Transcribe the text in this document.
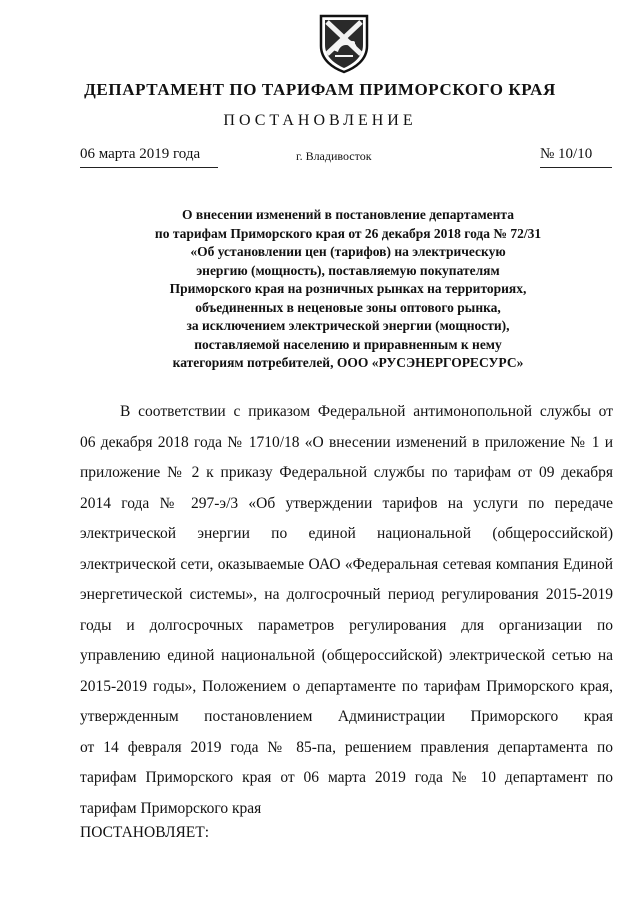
ДЕПАРТАМЕНТ ПО ТАРИФАМ ПРИМОРСКОГО КРАЯ
ПОСТАНОВЛЕНИЕ
06 марта 2019 года	г. Владивосток	№ 10/10
О внесении изменений в постановление департамента
по тарифам Приморского края от 26 декабря 2018 года № 72/31
«Об установлении цен (тарифов) на электрическую
энергию (мощность), поставляемую покупателям
Приморского края на розничных рынках на территориях,
объединенных в неценовые зоны оптового рынка,
за исключением электрической энергии (мощности),
поставляемой населению и приравненным к нему
категориям потребителей, ООО «РУСЭНЕРГОРЕСУРС»
В соответствии с приказом Федеральной антимонопольной службы от
06 декабря 2018 года № 1710/18 «О внесении изменений в приложение № 1 и
приложение № 2 к приказу Федеральной службы по тарифам от 09 декабря
2014 года № 297-э/3 «Об утверждении тарифов на услуги по передаче
электрической энергии по единой национальной (общероссийской)
электрической сети, оказываемые ОАО «Федеральная сетевая компания Единой
энергетической системы», на долгосрочный период регулирования 2015-2019
годы и долгосрочных параметров регулирования для организации по
управлению единой национальной (общероссийской) электрической сетью на
2015-2019 годы», Положением о департаменте по тарифам Приморского края,
утвержденным постановлением Администрации Приморского края
от 14 февраля 2019 года № 85-па, решением правления департамента по
тарифам Приморского края от 06 марта 2019 года № 10 департамент по
тарифам Приморского края
ПОСТАНОВЛЯЕТ:
